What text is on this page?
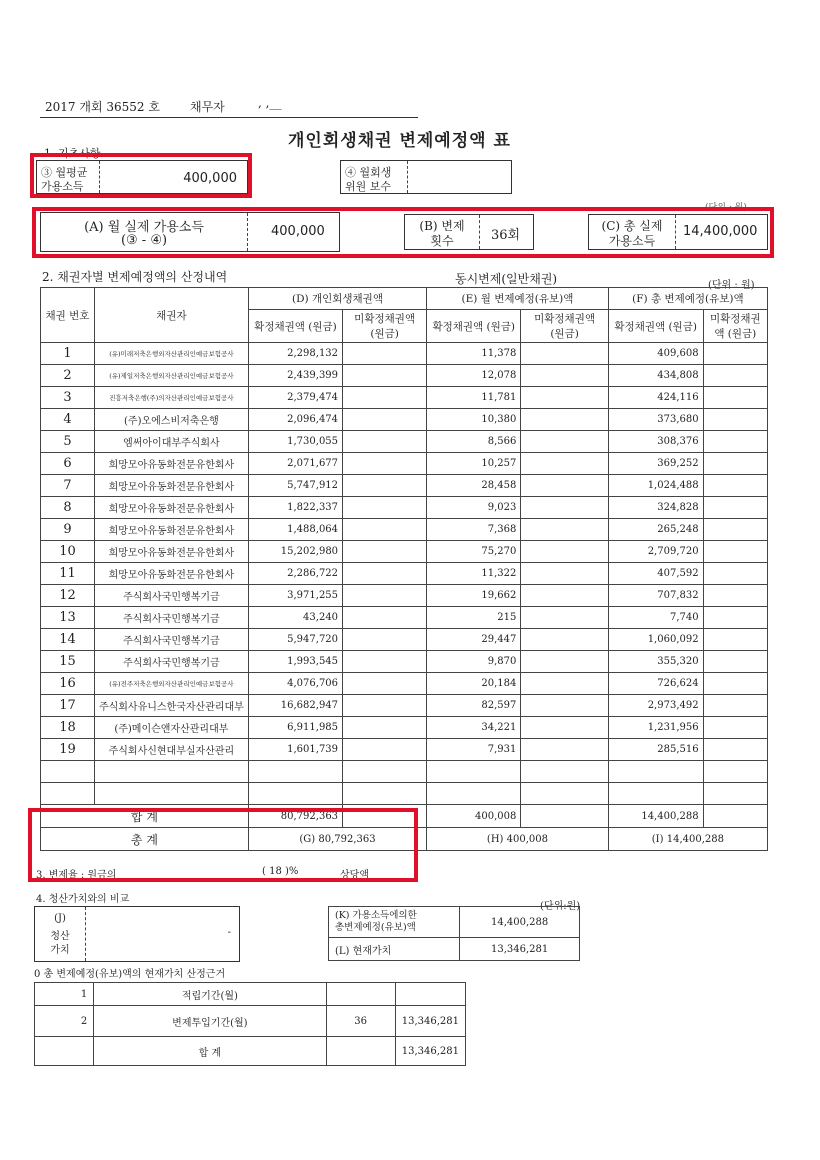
2017 개회 36552 호	채무자	, ,__
개인회생채권 변제예정액 표
1. 기초사항
③ 월평균
가용소득
400,000	④ 월회생
위원 보수
(단위 : 원)
(A) 월 실제 가용소득
(③ - ④)
400,000	(B) 변제
횟수	36회
(C) 총 실제
가용소득
14,400,000
2. 채권자별 변제예정액의 산정내역	동시변제(일반채권)	(단위 : 원)
채권 번호	채권자	(D) 개인회생채권액		(E) 월 변제예정(유보)액		(F) 총 변제예정(유보)액	
		확정채권액 (원금)	미확정채권액 (원금)	확정채권액 (원금)	미확정채권액 (원금)	확정채권액 (원금)	미확정채권액 (원금)
1	(유)미래저축은행외자산관리인예금보험공사	2,298,132		11,378		409,608	
2	(유)제일저축은행외자산관리인예금보험공사	2,439,399		12,078		434,808	
3	진흥저축은행(주)의자산관리인예금보험공사	2,379,474		11,781		424,116	
4	(주)오에스비저축은행	2,096,474		10,380		373,680	
5	엠써아이대부주식회사	1,730,055		8,566		308,376	
6	희망모아유동화전문유한회사	2,071,677		10,257		369,252	
7	희망모아유동화전문유한회사	5,747,912		28,458		1,024,488	
8	희망모아유동화전문유한회사	1,822,337		9,023		324,828	
9	희망모아유동화전문유한회사	1,488,064		7,368		265,248	
10	희망모아유동화전문유한회사	15,202,980		75,270		2,709,720	
11	희망모아유동화전문유한회사	2,286,722		11,322		407,592	
12	주식회사국민행복기금	3,971,255		19,662		707,832	
13	주식회사국민행복기금	43,240		215		7,740	
14	주식회사국민행복기금	5,947,720		29,447		1,060,092	
15	주식회사국민행복기금	1,993,545		9,870		355,320	
16	(유)전주저축은행외자산관리인예금보험공사	4,076,706		20,184		726,624	
17	주식회사유니스한국자산관리대부	16,682,947		82,597		2,973,492	
18	(주)메이슨앤자산관리대부	6,911,985		34,221		1,231,956	
19	주식회사신현대부실자산관리	1,601,739		7,931		285,516	

합 계		80,792,363		400,008		14,400,288	
총 계		(G) 80,792,363		(H) 400,008		(I) 14,400,288	
3. 변제율 : 원금의	( 18 )%	상당액
4. 청산가치와의 비교
(단위:원)
(J)
청산
가치
-
(K) 가용소득에의한
총변제예정(유보)액	14,400,288
(L) 현재가치	13,346,281
0 총 변제예정(유보)액의 현재가치 산정근거
1	적립기간(월)		
2	변제투입기간(월)	36	13,346,281
	합 계		13,346,281
